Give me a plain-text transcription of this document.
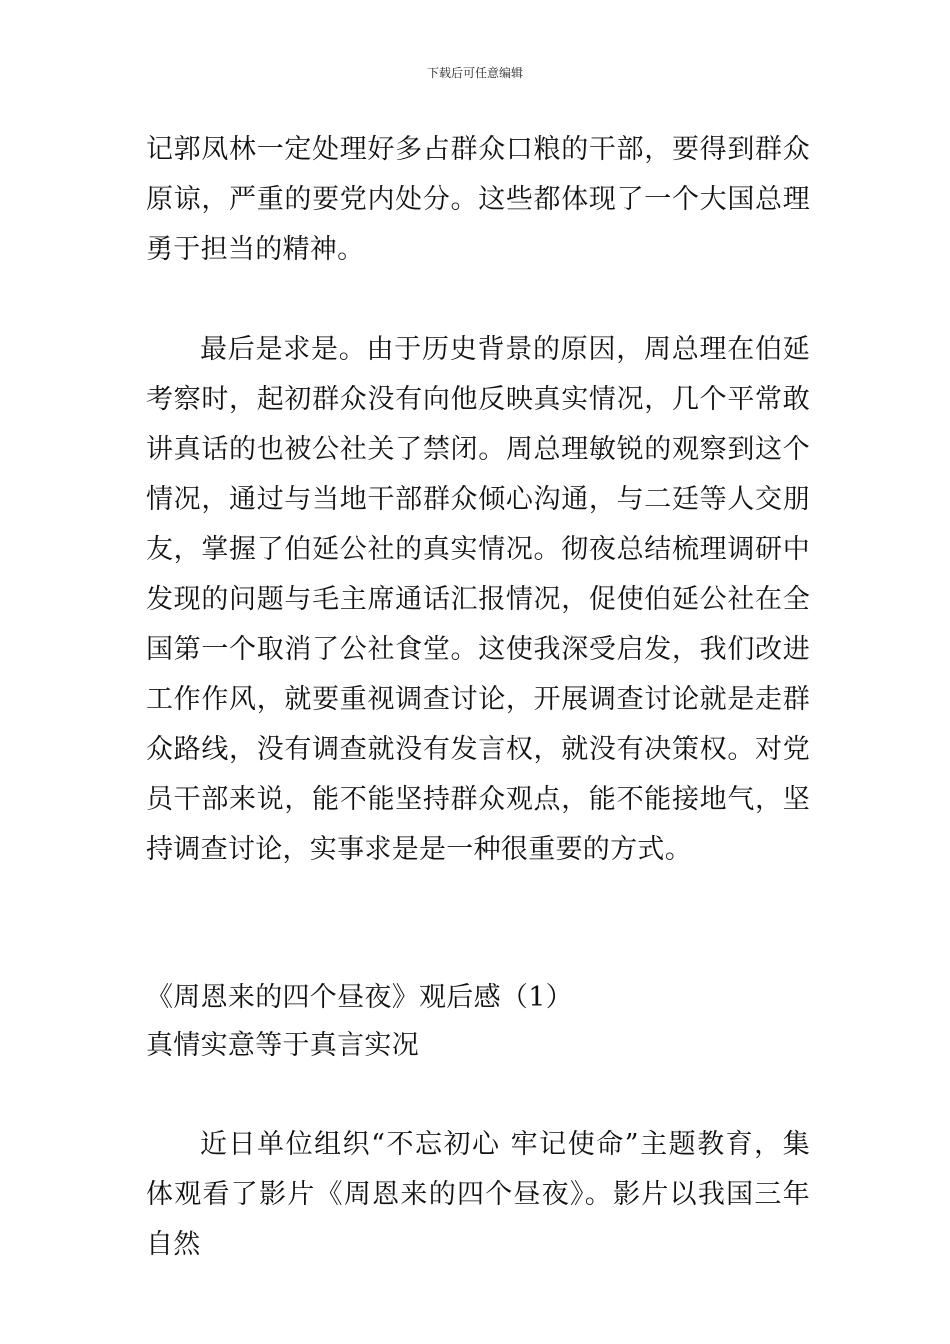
下载后可任意编辑

记郭凤林一定处理好多占群众口粮的干部，要得到群众原谅，严重的要党内处分。这些都体现了一个大国总理勇于担当的精神。

最后是求是。由于历史背景的原因，周总理在伯延考察时，起初群众没有向他反映真实情况，几个平常敢讲真话的也被公社关了禁闭。周总理敏锐的观察到这个情况，通过与当地干部群众倾心沟通，与二廷等人交朋友，掌握了伯延公社的真实情况。彻夜总结梳理调研中发现的问题与毛主席通话汇报情况，促使伯延公社在全国第一个取消了公社食堂。这使我深受启发，我们改进工作作风，就要重视调查讨论，开展调查讨论就是走群众路线，没有调查就没有发言权，就没有决策权。对党员干部来说，能不能坚持群众观点，能不能接地气，坚持调查讨论，实事求是是一种很重要的方式。

《周恩来的四个昼夜》观后感（1）

真情实意等于真言实况

近日单位组织“不忘初心 牢记使命”主题教育，集体观看了影片《周恩来的四个昼夜》。影片以我国三年自然
